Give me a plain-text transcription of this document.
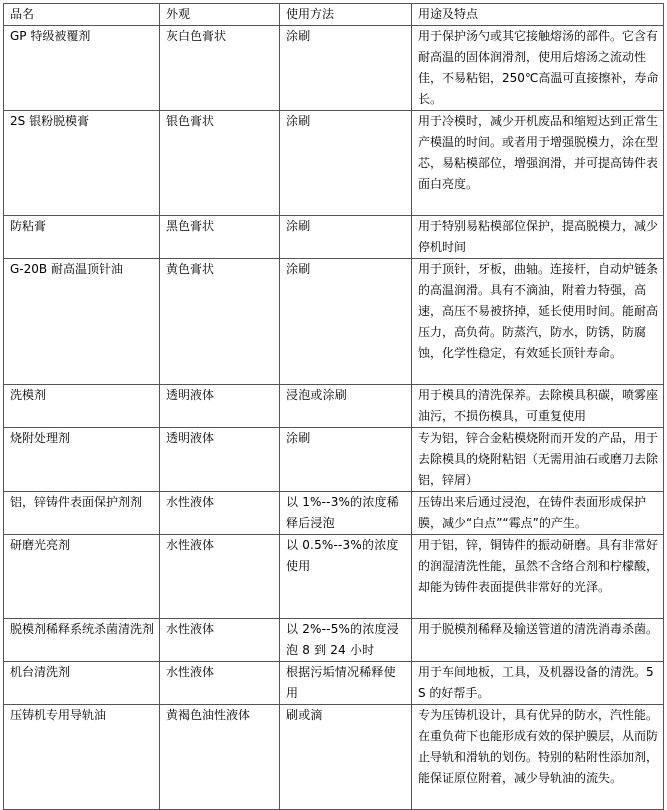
品名	外观	使用方法	用途及特点
GP 特级被覆剂	灰白色膏状	涂刷	用于保护汤勺或其它接触熔汤的部件。它含有耐高温的固体润滑剂，使用后熔汤之流动性佳，不易粘铝，250℃高温可直接擦补，寿命长。
2S 银粉脱模膏	银色膏状	涂刷	用于冷模时，减少开机废品和缩短达到正常生产模温的时间。或者用于增强脱模力，涂在型芯，易粘模部位，增强润滑，并可提高铸件表面白亮度。
防粘膏	黑色膏状	涂刷	用于特别易粘模部位保护，提高脱模力，减少停机时间
G-20B 耐高温顶针油	黄色膏状	涂刷	用于顶针，牙板，曲轴。连接杆，自动炉链条的高温润滑。具有不滴油，附着力特强，高速，高压不易被挤掉，延长使用时间。能耐高压力，高负荷。防蒸汽，防水，防锈，防腐蚀，化学性稳定，有效延长顶针寿命。
洗模剂	透明液体	浸泡或涂刷	用于模具的清洗保养。去除模具积碳，喷雾座油污，不损伤模具，可重复使用
烧附处理剂	透明液体	涂刷	专为铝，锌合金粘模烧附而开发的产品，用于去除模具的烧附粘铝（无需用油石或磨刀去除铝，锌屑）
铝，锌铸件表面保护剂剂	水性液体	以 1%--3%的浓度稀释后浸泡	压铸出来后通过浸泡，在铸件表面形成保护膜，减少“白点”“霉点”的产生。
研磨光亮剂	水性液体	以 0.5%--3%的浓度使用	用于铝，锌，铜铸件的振动研磨。具有非常好的润湿清洗性能，虽然不含络合剂和柠檬酸，却能为铸件表面提供非常好的光泽。
脱模剂稀释系统杀菌清洗剂	水性液体	以 2%--5%的浓度浸泡 8 到 24 小时	用于脱模剂稀释及输送管道的清洗消毒杀菌。
机台清洗剂	水性液体	根据污垢情况稀释使用	用于车间地板，工具，及机器设备的清洗。5S 的好帮手。
压铸机专用导轨油	黄褐色油性液体	刷或滴	专为压铸机设计，具有优异的防水，汽性能。在重负荷下也能形成有效的保护膜层，从而防止导轨和滑轨的划伤。特别的粘附性添加剂，能保证原位附着，减少导轨油的流失。
